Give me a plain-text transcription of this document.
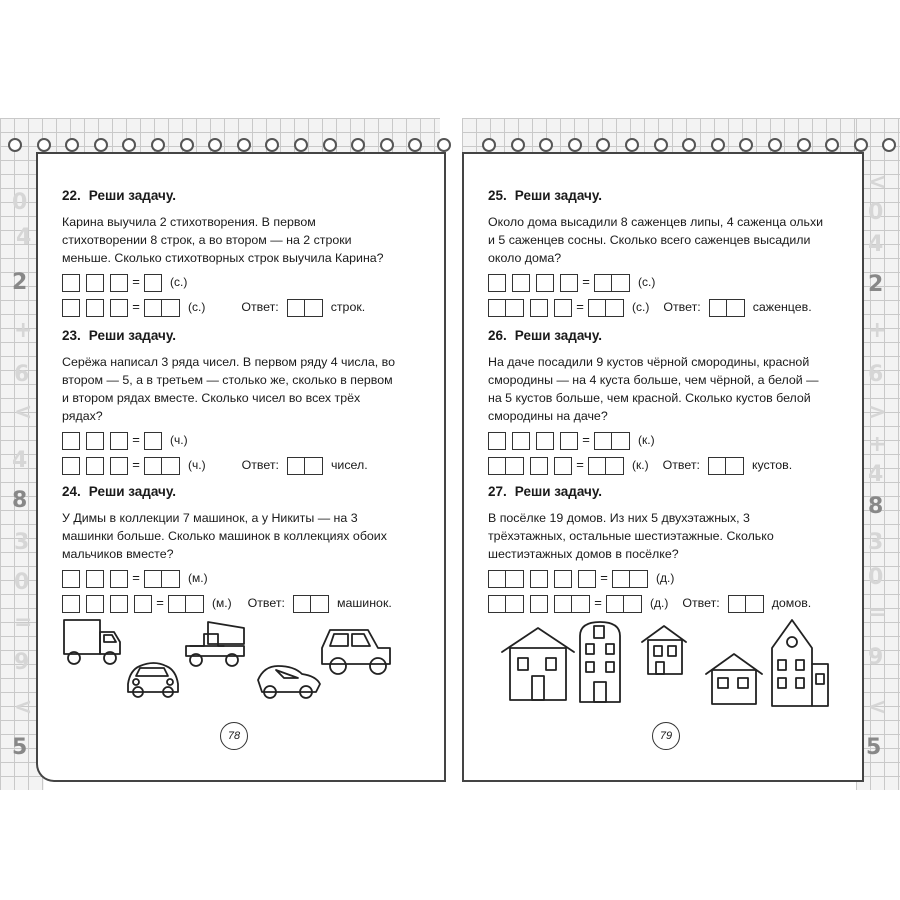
0
4
2
+
6
<
4
8
3
0
=
9
<
5
<
0
4
2
+
6
>
+
4
8
3
0
=
9
<
5
22. Реши задачу.
Карина выучила 2 стихотворения. В первом стихотворении 8 строк, а во втором — на 2 строки меньше. Сколько стихотворных строк выучила Карина?
=	(с.)
=	(с.)	Ответ:	строк.
23. Реши задачу.
Серёжа написал 3 ряда чисел. В первом ряду 4 числа, во втором — 5, а в третьем — столько же, сколько в первом и втором рядах вместе. Сколько чисел во всех трёх рядах?
=	(ч.)
=	(ч.)	Ответ:	чисел.
24. Реши задачу.
У Димы в коллекции 7 машинок, а у Никиты — на 3 машинки больше. Сколько машинок в коллекциях обоих мальчиков вместе?
=	(м.)
=	(м.) Ответ:	машинок.
78
25. Реши задачу.
Около дома высадили 8 саженцев липы, 4 саженца ольхи и 5 саженцев сосны. Сколько всего саженцев высадили около дома?
=	(с.)
=	(с.) Ответ:	саженцев.
26. Реши задачу.
На даче посадили 9 кустов чёрной смородины, красной смородины — на 4 куста больше, чем чёрной, а белой — на 5 кустов больше, чем красной. Сколько кустов белой смородины на даче?
=	(к.)
=	(к.) Ответ:	кустов.
27. Реши задачу.
В посёлке 19 домов. Из них 5 двухэтажных, 3 трёхэтажных, остальные шестиэтажные. Сколько шестиэтажных домов в посёлке?
=	(д.)
=	(д.) Ответ:	домов.
79
